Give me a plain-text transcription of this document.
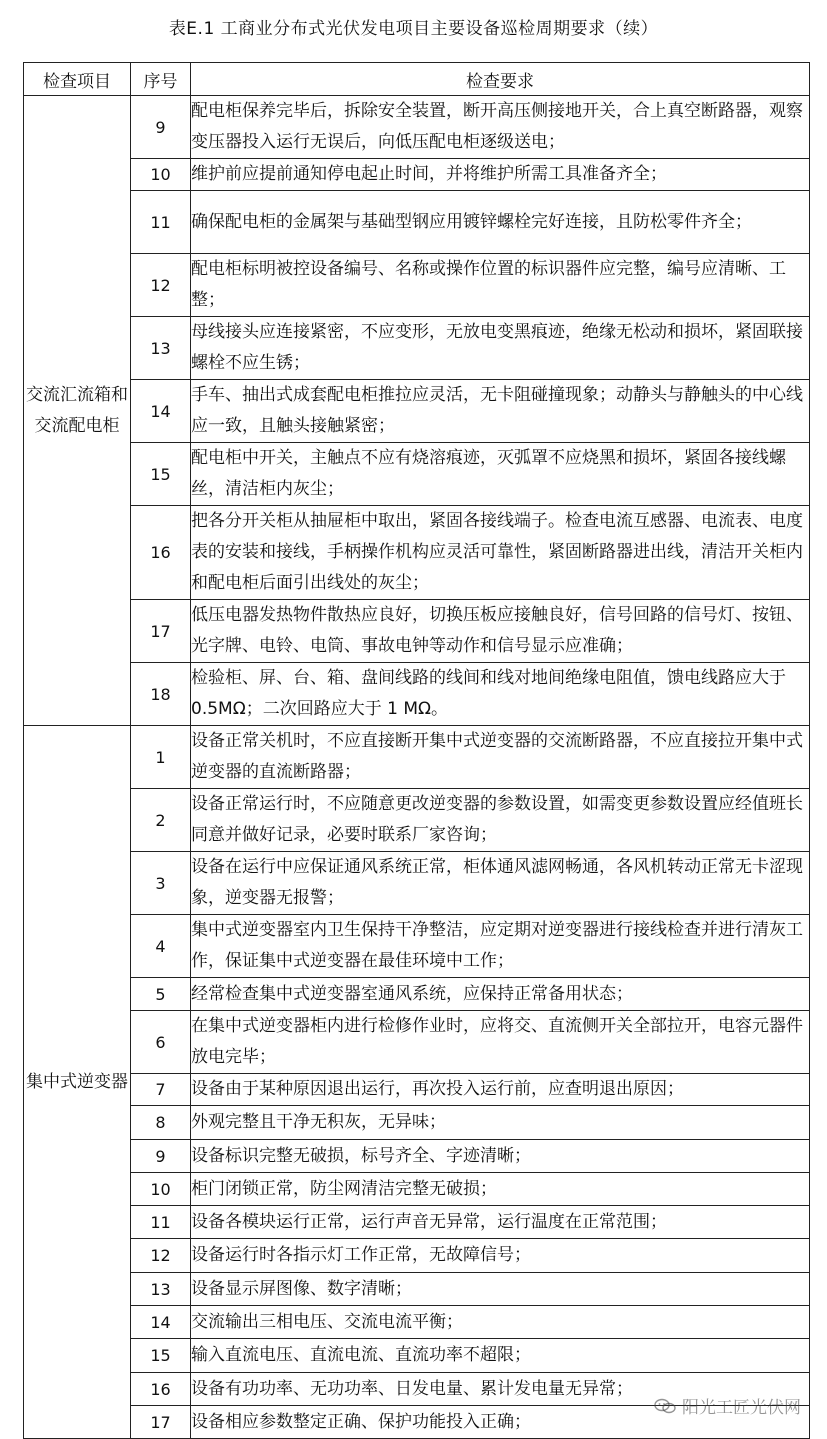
表E.1 工商业分布式光伏发电项目主要设备巡检周期要求（续）
检查项目	序号	检查要求
交流汇流箱和交流配电柜	9	配电柜保养完毕后，拆除安全装置，断开高压侧接地开关，合上真空断路器，观察变压器投入运行无误后，向低压配电柜逐级送电；
	10	维护前应提前通知停电起止时间，并将维护所需工具准备齐全；
	11	确保配电柜的金属架与基础型钢应用镀锌螺栓完好连接，且防松零件齐全；
	12	配电柜标明被控设备编号、名称或操作位置的标识器件应完整，编号应清晰、工整；
	13	母线接头应连接紧密，不应变形，无放电变黑痕迹，绝缘无松动和损坏，紧固联接螺栓不应生锈；
	14	手车、抽出式成套配电柜推拉应灵活，无卡阻碰撞现象；动静头与静触头的中心线应一致，且触头接触紧密；
	15	配电柜中开关，主触点不应有烧溶痕迹，灭弧罩不应烧黑和损坏，紧固各接线螺丝，清洁柜内灰尘；
	16	把各分开关柜从抽屉柜中取出，紧固各接线端子。检查电流互感器、电流表、电度表的安装和接线，手柄操作机构应灵活可靠性，紧固断路器进出线，清洁开关柜内和配电柜后面引出线处的灰尘；
	17	低压电器发热物件散热应良好，切换压板应接触良好，信号回路的信号灯、按钮、光字牌、电铃、电筒、事故电钟等动作和信号显示应准确；
	18	检验柜、屏、台、箱、盘间线路的线间和线对地间绝缘电阻值，馈电线路应大于 0.5MΩ；二次回路应大于 1 MΩ。
集中式逆变器	1	设备正常关机时，不应直接断开集中式逆变器的交流断路器，不应直接拉开集中式逆变器的直流断路器；
	2	设备正常运行时，不应随意更改逆变器的参数设置，如需变更参数设置应经值班长同意并做好记录，必要时联系厂家咨询；
	3	设备在运行中应保证通风系统正常，柜体通风滤网畅通，各风机转动正常无卡涩现象，逆变器无报警；
	4	集中式逆变器室内卫生保持干净整洁，应定期对逆变器进行接线检查并进行清灰工作，保证集中式逆变器在最佳环境中工作；
	5	经常检查集中式逆变器室通风系统，应保持正常备用状态；
	6	在集中式逆变器柜内进行检修作业时，应将交、直流侧开关全部拉开，电容元器件放电完毕；
	7	设备由于某种原因退出运行，再次投入运行前，应查明退出原因；
	8	外观完整且干净无积灰，无异味；
	9	设备标识完整无破损，标号齐全、字迹清晰；
	10	柜门闭锁正常，防尘网清洁完整无破损；
	11	设备各模块运行正常，运行声音无异常，运行温度在正常范围；
	12	设备运行时各指示灯工作正常，无故障信号；
	13	设备显示屏图像、数字清晰；
	14	交流输出三相电压、交流电流平衡；
	15	输入直流电压、直流电流、直流功率不超限；
	16	设备有功功率、无功功率、日发电量、累计发电量无异常；
	17	设备相应参数整定正确、保护功能投入正确；
阳光工匠光伏网
